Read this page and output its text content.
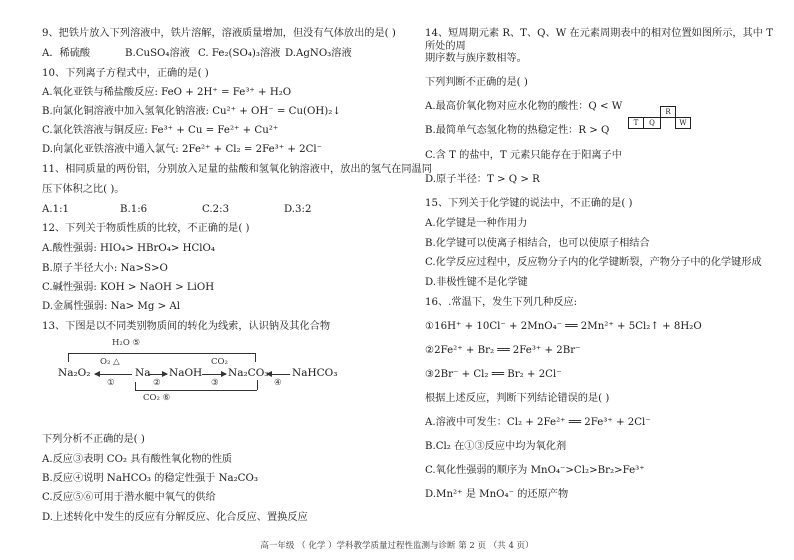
9、把铁片放入下列溶液中，铁片溶解，溶液质量增加，但没有气体放出的是( )
A．稀硫酸	B.CuSO₄溶液 C. Fe₂(SO₄)₃溶液 D.AgNO₃溶液
10、下列离子方程式中，正确的是( )
A.氧化亚铁与稀盐酸反应: FeO + 2H⁺ = Fe³⁺ + H₂O
B.向氯化铜溶液中加入氢氧化钠溶液: Cu²⁺ + OH⁻ = Cu(OH)₂↓
C.氯化铁溶液与铜反应: Fe³⁺ + Cu = Fe²⁺ + Cu²⁺
D.向氯化亚铁溶液中通入氯气: 2Fe²⁺ + Cl₂ = 2Fe³⁺ + 2Cl⁻
11、相同质量的两份铝，分别放入足量的盐酸和氢氧化钠溶液中，放出的氢气在同温同
压下体积之比( )。
A.1:1	B.1:6	C.2:3	D.3:2
12、下列关于物质性质的比较，不正确的是( )
A.酸性强弱: HIO₄> HBrO₄> HClO₄
B.原子半径大小: Na>S>O
C.碱性强弱: KOH > NaOH > LiOH
D.金属性强弱: Na> Mg > Al
13、下图是以不同类别物质间的转化为线索，认识钠及其化合物
H₂O ⑤
O₂ △	CO₂
Na₂O₂	Na NaOH Na₂CO₃ NaHCO₃
①	②	③	④
CO₂ ⑥
下列分析不正确的是( )
A.反应③表明 CO₂ 具有酸性氧化物的性质
B.反应④说明 NaHCO₃ 的稳定性强于 Na₂CO₃
C.反应⑤⑥可用于潜水艇中氧气的供给
D.上述转化中发生的反应有分解反应、化合反应、置换反应
14、短周期元素 R、T、Q、W 在元素周期表中的相对位置如图所示，其中 T 所处的周
期序数与族序数相等。
下列判断不正确的是( )
A.最高价氧化物对应水化物的酸性：Q < W
B.最简单气态氢化物的热稳定性：R > Q
C.含 T 的盐中，T 元素只能存在于阳离子中
D.原子半径：T > Q > R
15、下列关于化学键的说法中，不正确的是( )
A.化学键是一种作用力
B.化学键可以使离子相结合，也可以使原子相结合
C.化学反应过程中，反应物分子内的化学键断裂，产物分子中的化学键形成
D.非极性键不是化学键
16、.常温下，发生下列几种反应:
①16H⁺ + 10Cl⁻ + 2MnO₄⁻ ══ 2Mn²⁺ + 5Cl₂↑ + 8H₂O
②2Fe²⁺ + Br₂ ══ 2Fe³⁺ + 2Br⁻
③2Br⁻ + Cl₂ ══ Br₂ + 2Cl⁻
根据上述反应，判断下列结论错误的是( )
A.溶液中可发生：Cl₂ + 2Fe²⁺ ══ 2Fe³⁺ + 2Cl⁻
B.Cl₂ 在①③反应中均为氧化剂
C.氧化性强弱的顺序为 MnO₄⁻>Cl₂>Br₂>Fe³⁺
D.Mn²⁺ 是 MnO₄⁻ 的还原产物
R
T	Q	W
高一年级 （ 化学 ）学科教学质量过程性监测与诊断 第 2 页 （共 4 页）
